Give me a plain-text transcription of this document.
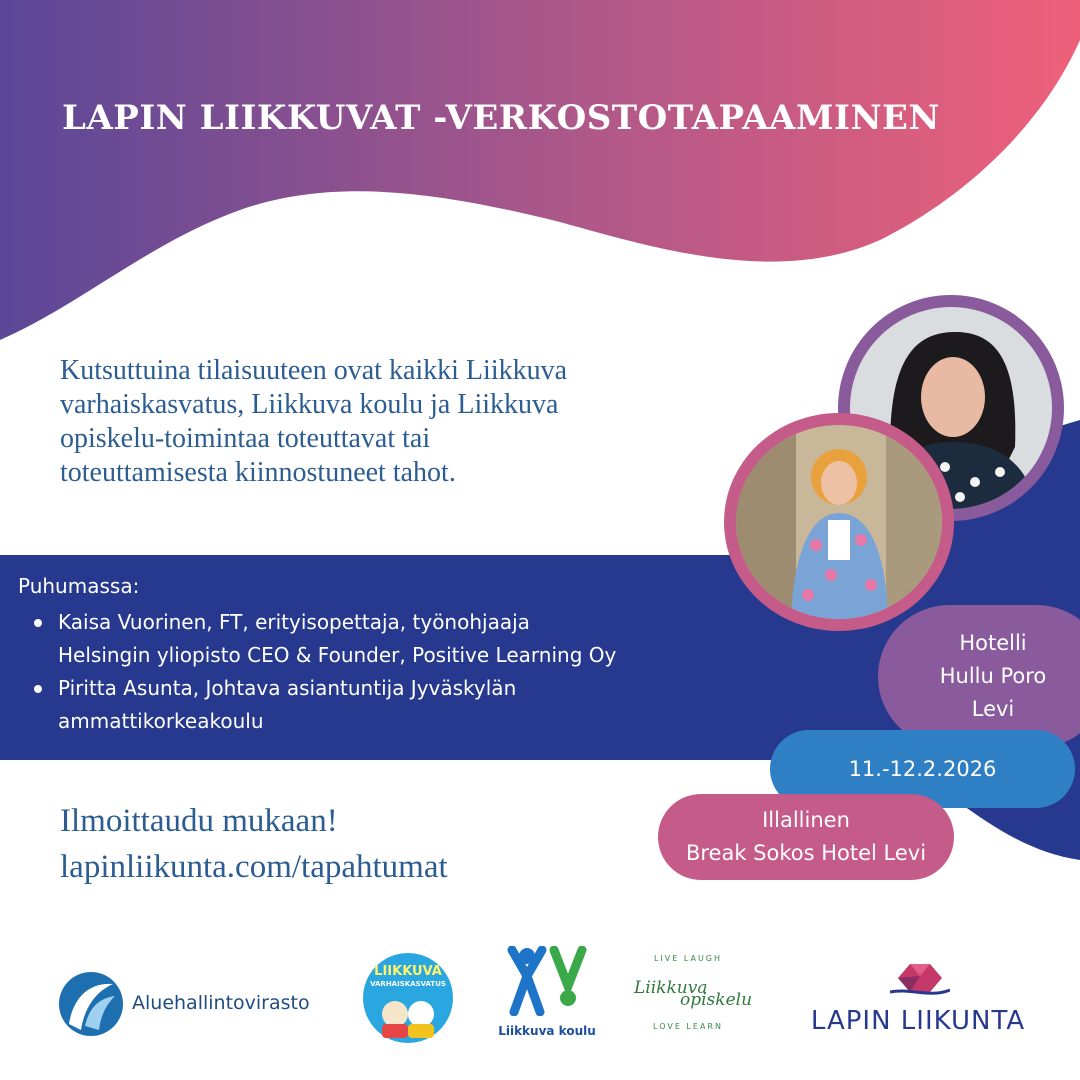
LAPIN LIIKKUVAT -VERKOSTOTAPAAMINEN
Kutsuttuina tilaisuuteen ovat kaikki Liikkuva
varhaiskasvatus, Liikkuva koulu ja Liikkuva
opiskelu-toimintaa toteuttavat tai
toteuttamisesta kiinnostuneet tahot.
Puhumassa:
Kaisa Vuorinen, FT, erityisopettaja, työnohjaaja
Helsingin yliopisto CEO & Founder, Positive Learning Oy
Piritta Asunta, Johtava asiantuntija Jyväskylän
ammattikorkeakoulu
Hotelli
Hullu Poro
Levi
11.-12.2.2026
Illallinen
Break Sokos Hotel Levi
Ilmoittaudu mukaan!
lapinliikunta.com/tapahtumat
Aluehallintovirasto
LIIKKUVA
VARHAISKASVATUS
Liikkuva koulu
LIVE LAUGH
Liikkuva
opiskelu
LOVE LEARN	LAPIN LIIKUNTA
